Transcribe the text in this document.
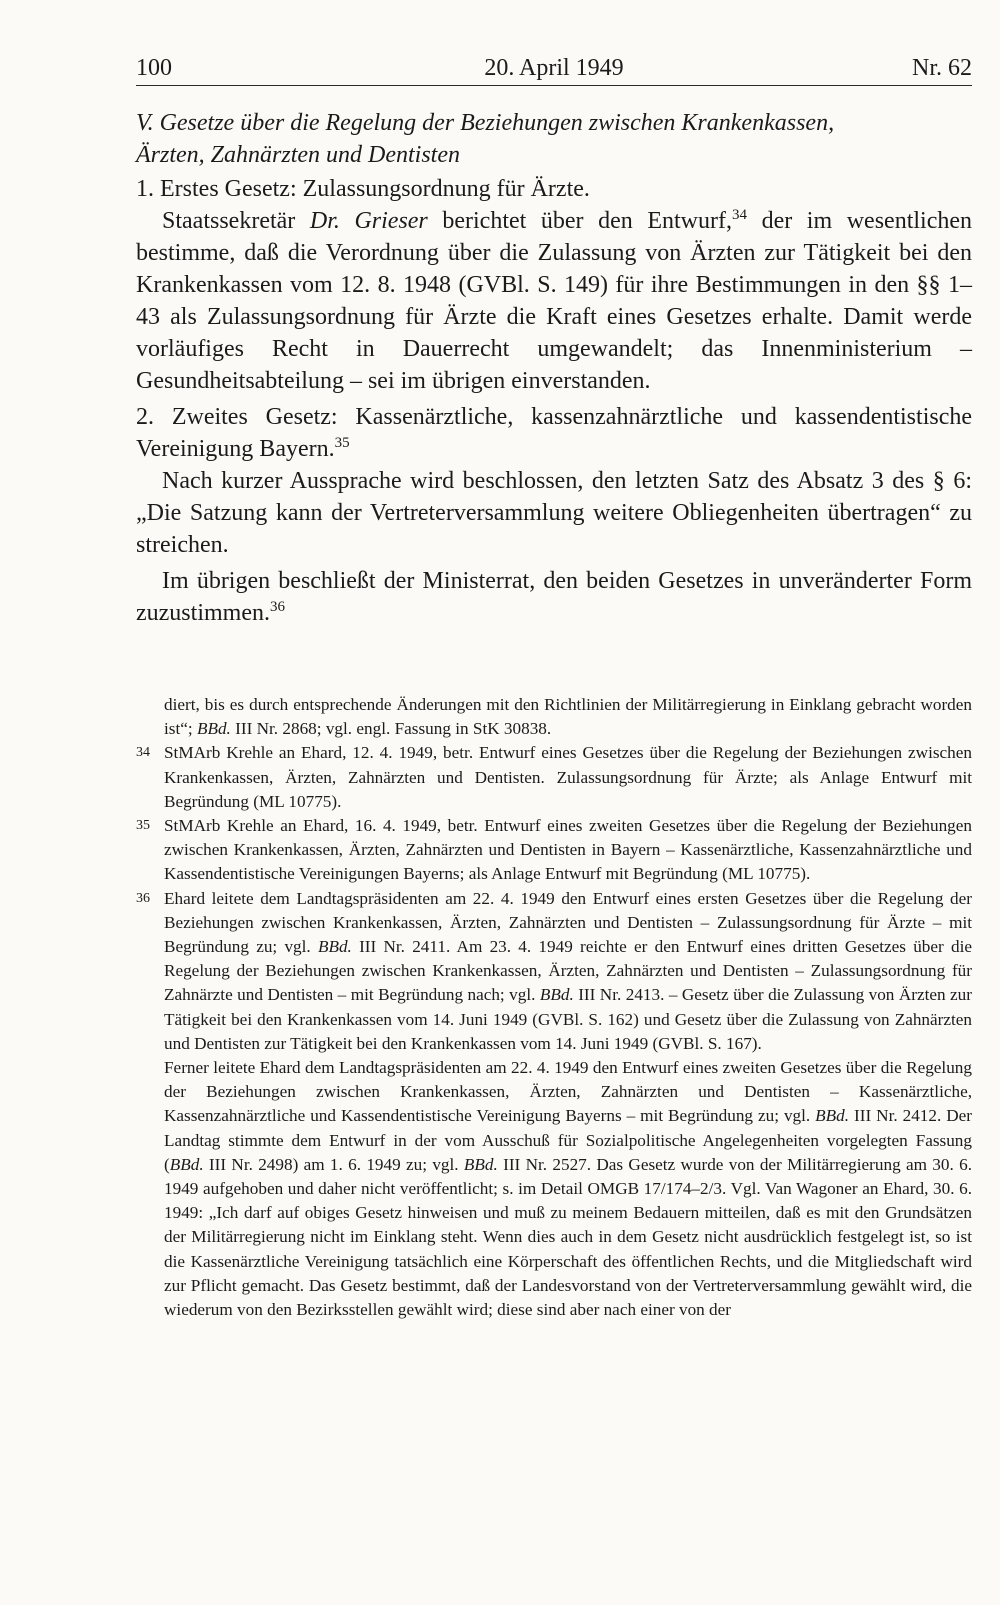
100	20. April 1949	Nr. 62

V. Gesetze über die Regelung der Beziehungen zwischen Krankenkassen,
Ärzten, Zahnärzten und Dentisten

1. Erstes Gesetz: Zulassungsordnung für Ärzte.

Staatssekretär Dr. Grieser berichtet über den Entwurf,$^{34}$ der im wesentlichen bestimme, daß die Verordnung über die Zulassung von Ärzten zur Tätigkeit bei den Krankenkassen vom 12. 8. 1948 (GVBl. S. 149) für ihre Bestimmungen in den §§ 1–43 als Zulassungsordnung für Ärzte die Kraft eines Gesetzes erhalte. Damit werde vorläufiges Recht in Dauerrecht umgewandelt; das Innenministerium – Gesundheitsabteilung – sei im übrigen einverstanden.

2. Zweites Gesetz: Kassenärztliche, kassenzahnärztliche und kassendentistische Vereinigung Bayern.$^{35}$

Nach kurzer Aussprache wird beschlossen, den letzten Satz des Absatz 3 des § 6: „Die Satzung kann der Vertreterversammlung weitere Obliegenheiten übertragen“ zu streichen.

Im übrigen beschließt der Ministerrat, den beiden Gesetzes in unveränderter Form zuzustimmen.$^{36}$

diert, bis es durch entsprechende Änderungen mit den Richtlinien der Militärregierung in Einklang gebracht worden ist“; BBd. III Nr. 2868; vgl. engl. Fassung in StK 30838.

34 StMArb Krehle an Ehard, 12. 4. 1949, betr. Entwurf eines Gesetzes über die Regelung der Beziehungen zwischen Krankenkassen, Ärzten, Zahnärzten und Dentisten. Zulassungsordnung für Ärzte; als Anlage Entwurf mit Begründung (ML 10775).

35 StMArb Krehle an Ehard, 16. 4. 1949, betr. Entwurf eines zweiten Gesetzes über die Regelung der Beziehungen zwischen Krankenkassen, Ärzten, Zahnärzten und Dentisten in Bayern – Kassenärztliche, Kassenzahnärztliche und Kassendentistische Vereinigungen Bayerns; als Anlage Entwurf mit Begründung (ML 10775).

36 Ehard leitete dem Landtagspräsidenten am 22. 4. 1949 den Entwurf eines ersten Gesetzes über die Regelung der Beziehungen zwischen Krankenkassen, Ärzten, Zahnärzten und Dentisten – Zulassungsordnung für Ärzte – mit Begründung zu; vgl. BBd. III Nr. 2411. Am 23. 4. 1949 reichte er den Entwurf eines dritten Gesetzes über die Regelung der Beziehungen zwischen Krankenkassen, Ärzten, Zahnärzten und Dentisten – Zulassungsordnung für Zahnärzte und Dentisten – mit Begründung nach; vgl. BBd. III Nr. 2413. – Gesetz über die Zulassung von Ärzten zur Tätigkeit bei den Krankenkassen vom 14. Juni 1949 (GVBl. S. 162) und Gesetz über die Zulassung von Zahnärzten und Dentisten zur Tätigkeit bei den Krankenkassen vom 14. Juni 1949 (GVBl. S. 167).

Ferner leitete Ehard dem Landtagspräsidenten am 22. 4. 1949 den Entwurf eines zweiten Gesetzes über die Regelung der Beziehungen zwischen Krankenkassen, Ärzten, Zahnärzten und Dentisten – Kassenärztliche, Kassenzahnärztliche und Kassendentistische Vereinigung Bayerns – mit Begründung zu; vgl. BBd. III Nr. 2412. Der Landtag stimmte dem Entwurf in der vom Ausschuß für Sozialpolitische Angelegenheiten vorgelegten Fassung (BBd. III Nr. 2498) am 1. 6. 1949 zu; vgl. BBd. III Nr. 2527. Das Gesetz wurde von der Militärregierung am 30. 6. 1949 aufgehoben und daher nicht veröffentlicht; s. im Detail OMGB 17/174–2/3. Vgl. Van Wagoner an Ehard, 30. 6. 1949: „Ich darf auf obiges Gesetz hinweisen und muß zu meinem Bedauern mitteilen, daß es mit den Grundsätzen der Militärregierung nicht im Einklang steht. Wenn dies auch in dem Gesetz nicht ausdrücklich festgelegt ist, so ist die Kassenärztliche Vereinigung tatsächlich eine Körperschaft des öffentlichen Rechts, und die Mitgliedschaft wird zur Pflicht gemacht. Das Gesetz bestimmt, daß der Landesvorstand von der Vertreterversammlung gewählt wird, die wiederum von den Bezirksstellen gewählt wird; diese sind aber nach einer von der
